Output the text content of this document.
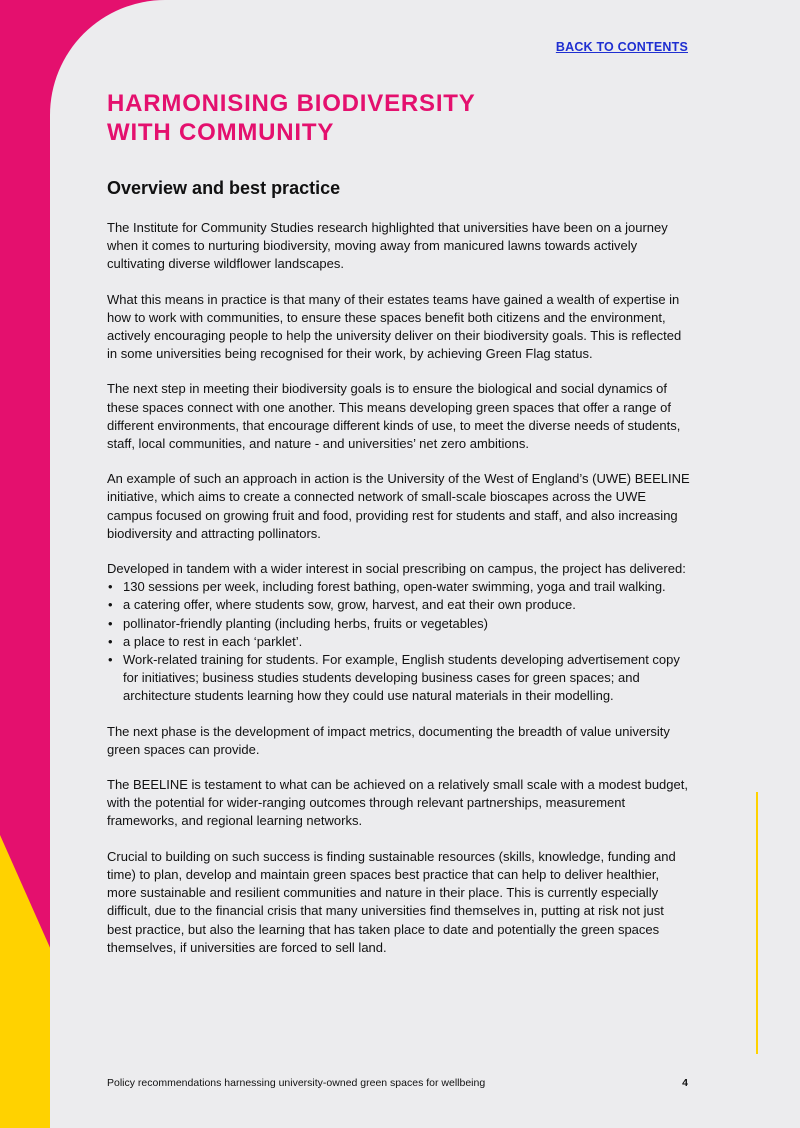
BACK TO CONTENTS
HARMONISING BIODIVERSITY
WITH COMMUNITY
Overview and best practice

The Institute for Community Studies research highlighted that universities have been on a journey when it comes to nurturing biodiversity, moving away from manicured lawns towards actively cultivating diverse wildflower landscapes.

What this means in practice is that many of their estates teams have gained a wealth of expertise in how to work with communities, to ensure these spaces benefit both citizens and the environment, actively encouraging people to help the university deliver on their biodiversity goals. This is reflected in some universities being recognised for their work, by achieving Green Flag status.

The next step in meeting their biodiversity goals is to ensure the biological and social dynamics of these spaces connect with one another. This means developing green spaces that offer a range of different environments, that encourage different kinds of use, to meet the diverse needs of students, staff, local communities, and nature - and universities’ net zero ambitions.

An example of such an approach in action is the University of the West of England’s (UWE) BEELINE initiative, which aims to create a connected network of small-scale bioscapes across the UWE campus focused on growing fruit and food, providing rest for students and staff, and also increasing biodiversity and attracting pollinators.

Developed in tandem with a wider interest in social prescribing on campus, the project has delivered:

• 130 sessions per week, including forest bathing, open-water swimming, yoga and trail walking.
• a catering offer, where students sow, grow, harvest, and eat their own produce.
• pollinator-friendly planting (including herbs, fruits or vegetables)
• a place to rest in each ‘parklet’.
• Work-related training for students. For example, English students developing advertisement copy for initiatives; business studies students developing business cases for green spaces; and architecture students learning how they could use natural materials in their modelling.

The next phase is the development of impact metrics, documenting the breadth of value university green spaces can provide.

The BEELINE is testament to what can be achieved on a relatively small scale with a modest budget, with the potential for wider-ranging outcomes through relevant partnerships, measurement frameworks, and regional learning networks.

Crucial to building on such success is finding sustainable resources (skills, knowledge, funding and time) to plan, develop and maintain green spaces best practice that can help to deliver healthier, more sustainable and resilient communities and nature in their place. This is currently especially difficult, due to the financial crisis that many universities find themselves in, putting at risk not just best practice, but also the learning that has taken place to date and potentially the green spaces themselves, if universities are forced to sell land.

Policy recommendations harnessing university-owned green spaces for wellbeing	4
